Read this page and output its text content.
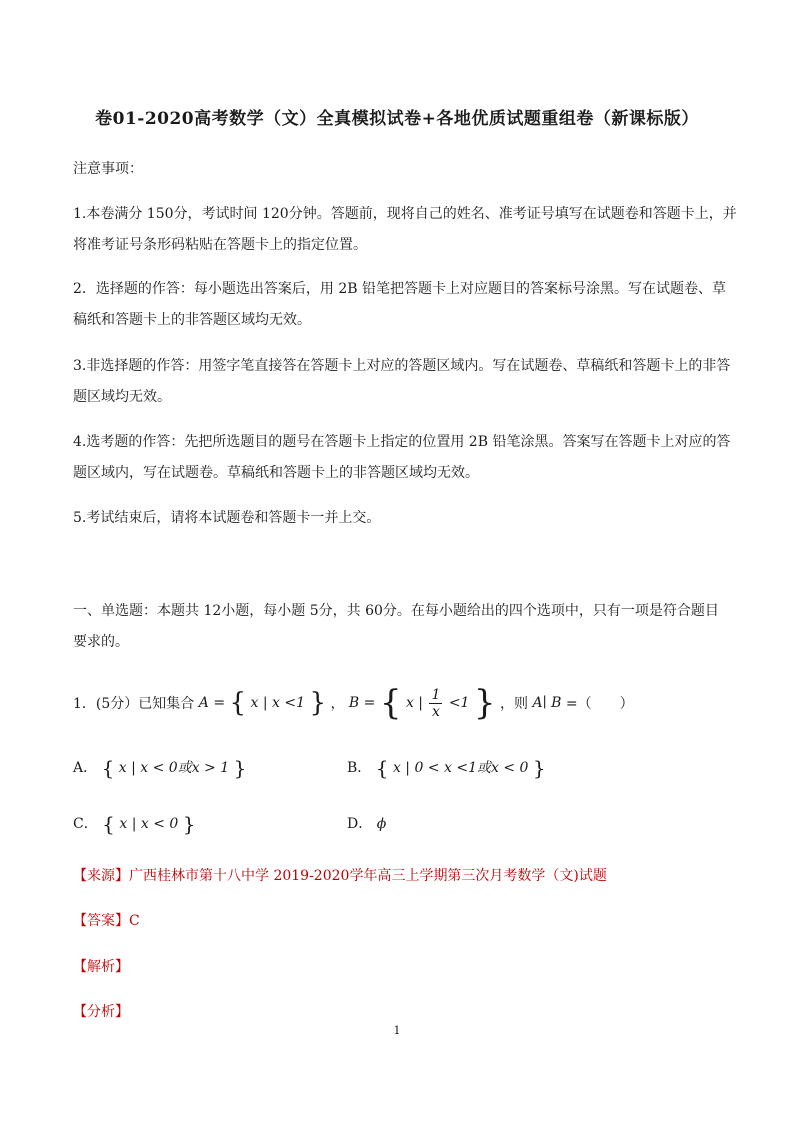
卷01-2020高考数学（文）全真模拟试卷+各地优质试题重组卷（新课标版）
注意事项：
1.本卷满分 150分，考试时间 120分钟。答题前，现将自己的姓名、准考证号填写在试题卷和答题卡上，并
将准考证号条形码粘贴在答题卡上的指定位置。
2．选择题的作答：每小题选出答案后，用 2B 铅笔把答题卡上对应题目的答案标号涂黑。写在试题卷、草
稿纸和答题卡上的非答题区域均无效。
3.非选择题的作答：用签字笔直接答在答题卡上对应的答题区域内。写在试题卷、草稿纸和答题卡上的非答
题区域均无效。
4.选考题的作答：先把所选题目的题号在答题卡上指定的位置用 2B 铅笔涂黑。答案写在答题卡上对应的答
题区域内，写在试题卷。草稿纸和答题卡上的非答题区域均无效。
5.考试结束后，请将本试题卷和答题卡一并上交。
一、单选题：本题共 12小题，每小题 5分，共 60分。在每小题给出的四个选项中，只有一项是符合题目
要求的。
1．(5分）已知集合 A = { x | x <1 } ， B = { x | $\frac{1}{x} <1$ } ，则 A∣ B =（　　）
A． { x | x < 0或x > 1 }	B． { x | 0 < x <1或x < 0 }
C． { x | x < 0 }	D． ϕ
【来源】广西桂林市第十八中学 2019-2020学年高三上学期第三次月考数学（文)试题
【答案】C
【解析】
【分析】
1
